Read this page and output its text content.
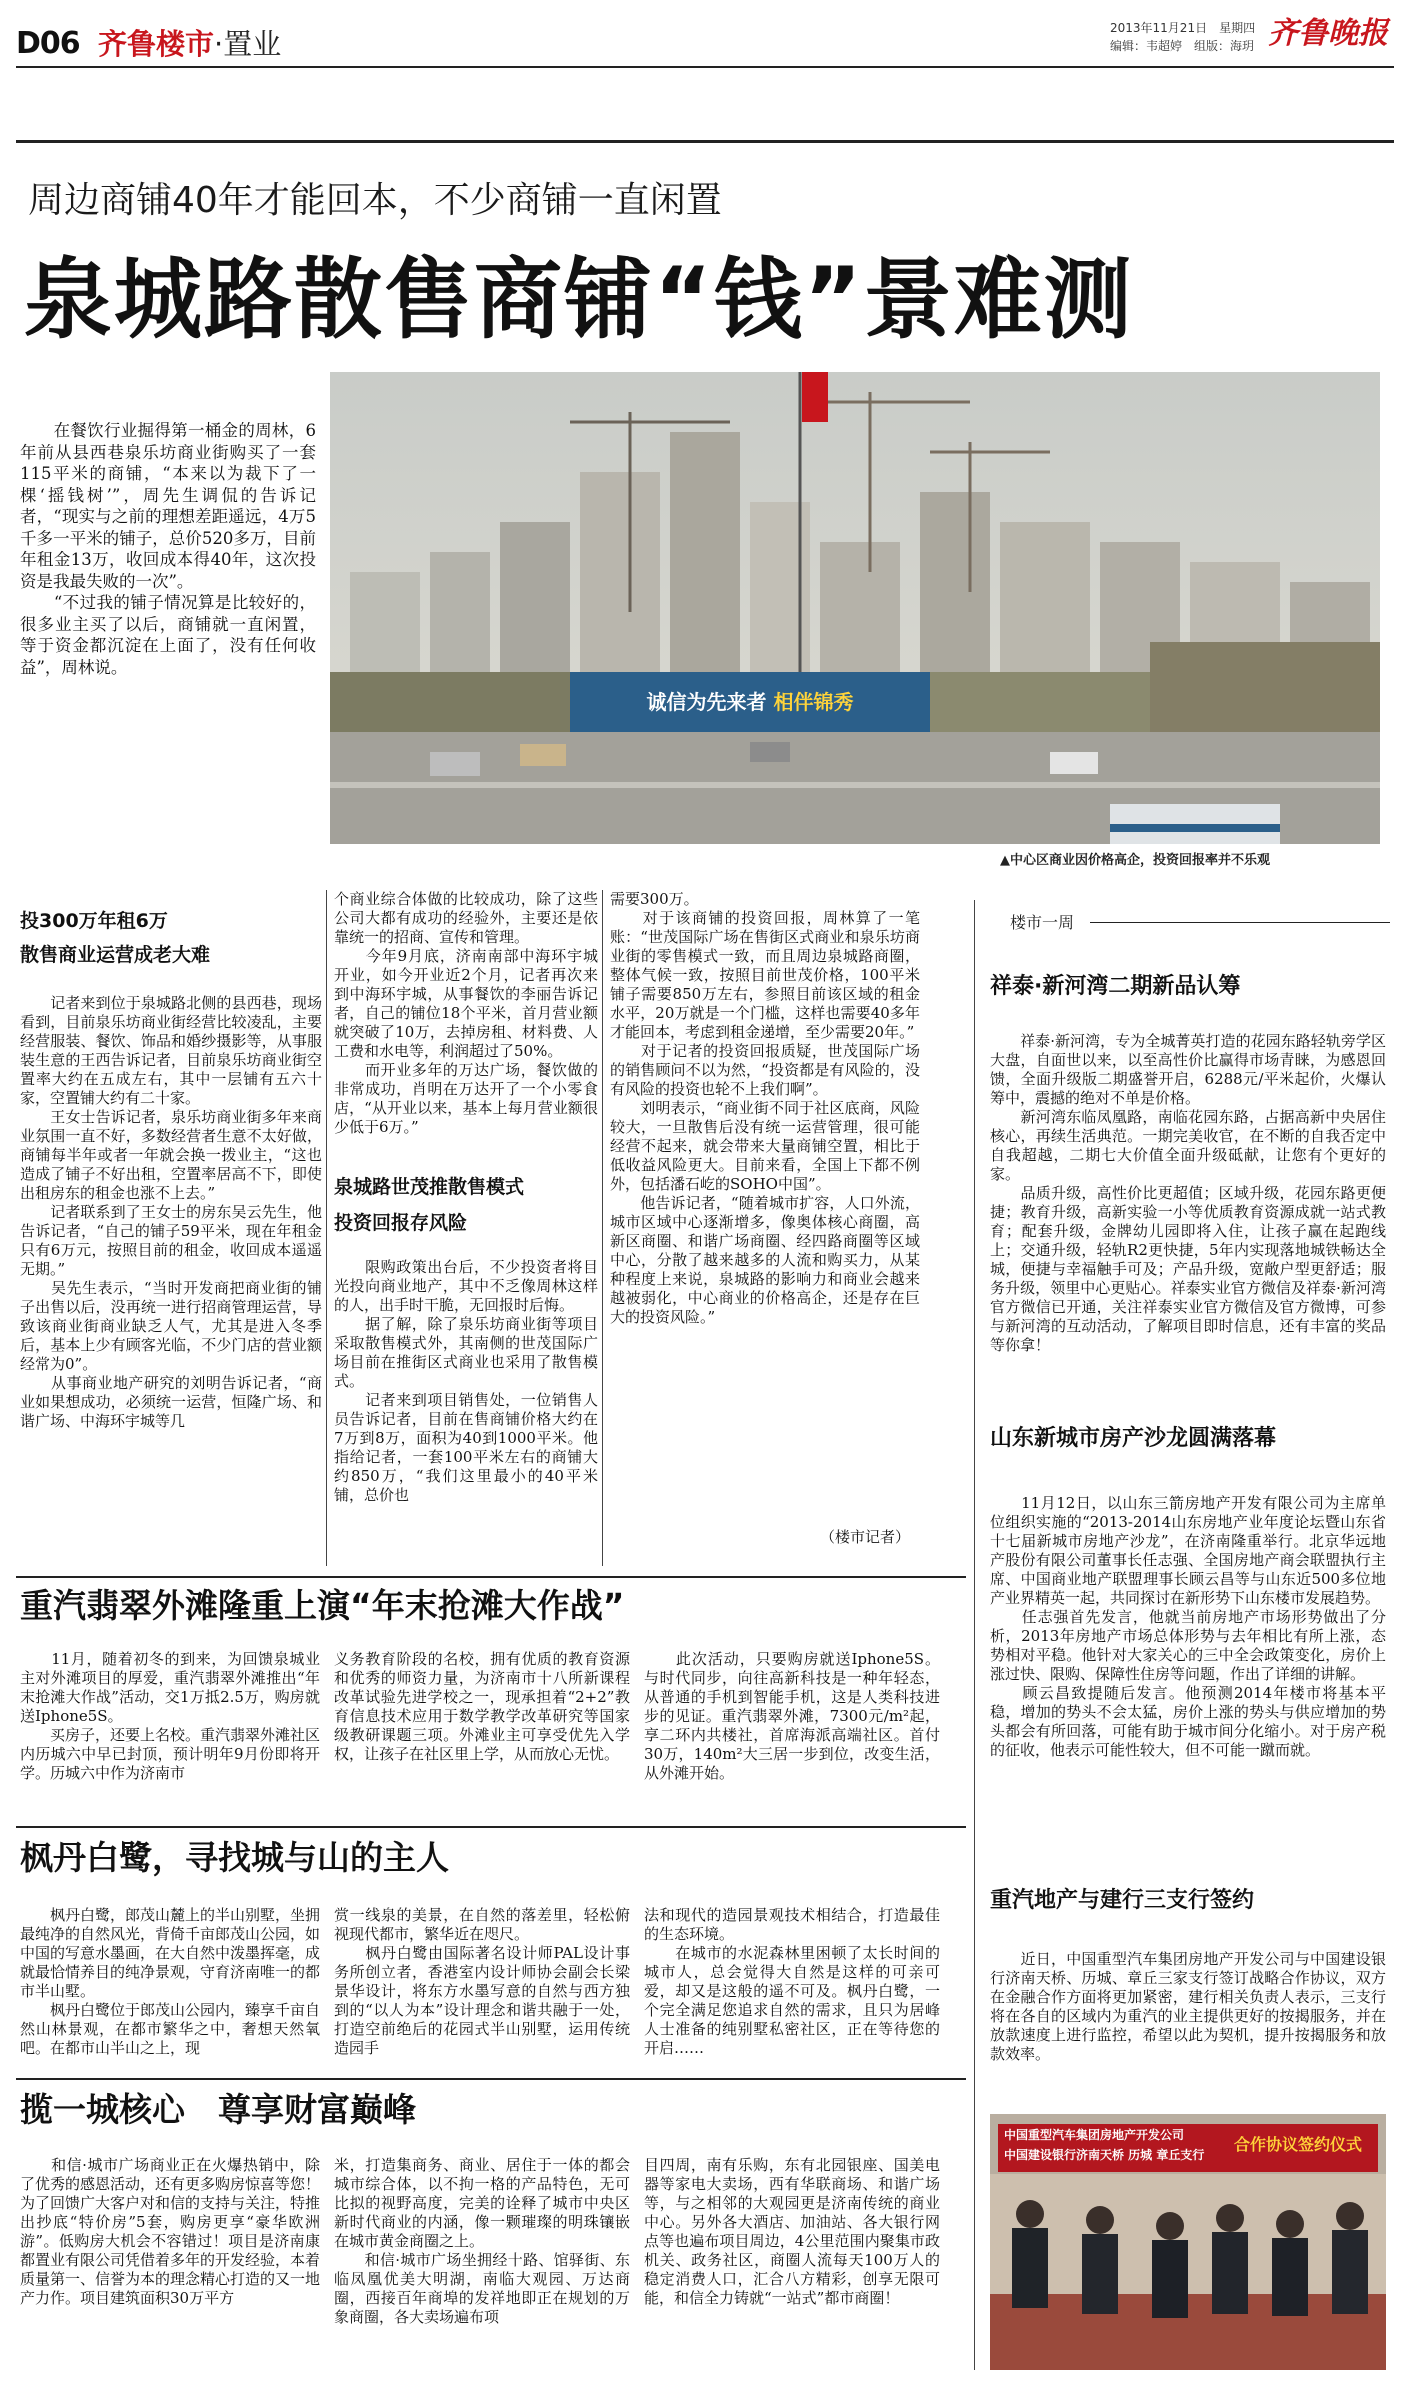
D06 齐鲁楼市·置业	2013年11月21日　星期四
编辑：韦超婷　组版：海玥 齐鲁晚报
周边商铺40年才能回本，不少商铺一直闲置
泉城路散售商铺“钱”景难测
　　在餐饮行业掘得第一桶金的周林，6年前从县西巷泉乐坊商业街购买了一套115平米的商铺，“本来以为裁下了一棵‘摇钱树’”，周先生调侃的告诉记者，“现实与之前的理想差距遥远，4万5千多一平米的铺子，总价520多万，目前年租金13万，收回成本得40年，这次投资是我最失败的一次”。
　　“不过我的铺子情况算是比较好的，很多业主买了以后，商铺就一直闲置，等于资金都沉淀在上面了，没有任何收益”，周林说。
诚信为先来者 相伴锦秀
▲中心区商业因价格高企，投资回报率并不乐观
投300万年租6万
散售商业运营成老大难
　　记者来到位于泉城路北侧的县西巷，现场看到，目前泉乐坊商业街经营比较凌乱，主要经营服装、餐饮、饰品和婚纱摄影等，从事服装生意的王西告诉记者，目前泉乐坊商业街空置率大约在五成左右，其中一层铺有五六十家，空置铺大约有二十家。
　　王女士告诉记者，泉乐坊商业街多年来商业氛围一直不好，多数经营者生意不太好做，商铺每半年或者一年就会换一拨业主，“这也造成了铺子不好出租，空置率居高不下，即使出租房东的租金也涨不上去。”
　　记者联系到了王女士的房东吴云先生，他告诉记者，“自己的铺子59平米，现在年租金只有6万元，按照目前的租金，收回成本遥遥无期。”
　　吴先生表示，“当时开发商把商业街的铺子出售以后，没再统一进行招商管理运营，导致该商业街商业缺乏人气，尤其是进入冬季后，基本上少有顾客光临，不少门店的营业额经常为0”。
　　从事商业地产研究的刘明告诉记者，“商业如果想成功，必须统一运营，恒隆广场、和谐广场、中海环宇城等几
个商业综合体做的比较成功，除了这些公司大都有成功的经验外，主要还是依靠统一的招商、宣传和管理。
　　今年9月底，济南南部中海环宇城开业，如今开业近2个月，记者再次来到中海环宇城，从事餐饮的李丽告诉记者，自己的铺位18个平米，首月营业额就突破了10万，去掉房租、材料费、人工费和水电等，利润超过了50%。
　　而开业多年的万达广场，餐饮做的非常成功，肖明在万达开了一个小零食店，“从开业以来，基本上每月营业额很少低于6万。”
泉城路世茂推散售模式
投资回报存风险
　　限购政策出台后，不少投资者将目光投向商业地产，其中不乏像周林这样的人，出手时干脆，无回报时后悔。
　　据了解，除了泉乐坊商业街等项目采取散售模式外，其南侧的世茂国际广场目前在推街区式商业也采用了散售模式。
　　记者来到项目销售处，一位销售人员告诉记者，目前在售商铺价格大约在7万到8万，面积为40到1000平米。他指给记者，一套100平米左右的商铺大约850万，“我们这里最小的40平米铺，总价也
需要300万。
　　对于该商铺的投资回报，周林算了一笔账：“世茂国际广场在售街区式商业和泉乐坊商业街的零售模式一致，而且周边泉城路商圈，整体气候一致，按照目前世茂价格，100平米铺子需要850万左右，参照目前该区域的租金水平，20万就是一个门槛，这样也需要40多年才能回本，考虑到租金递增，至少需要20年。”
　　对于记者的投资回报质疑，世茂国际广场的销售顾问不以为然，“投资都是有风险的，没有风险的投资也轮不上我们啊”。
　　刘明表示，“商业街不同于社区底商，风险较大，一旦散售后没有统一运营管理，很可能经营不起来，就会带来大量商铺空置，相比于低收益风险更大。目前来看，全国上下都不例外，包括潘石屹的SOHO中国”。
　　他告诉记者，“随着城市扩容，人口外流，城市区域中心逐渐增多，像奥体核心商圈，高新区商圈、和谐广场商圈、经四路商圈等区域中心，分散了越来越多的人流和购买力，从某种程度上来说，泉城路的影响力和商业会越来越被弱化，中心商业的价格高企，还是存在巨大的投资风险。”
（楼市记者）
楼市一周
祥泰·新河湾二期新品认筹
　　祥泰·新河湾，专为全城菁英打造的花园东路轻轨旁学区大盘，自面世以来，以至高性价比赢得市场青睐，为感恩回馈，全面升级版二期盛誉开启，6288元/平米起价，火爆认筹中，震撼的绝对不单是价格。
　　新河湾东临凤凰路，南临花园东路，占据高新中央居住核心，再续生活典范。一期完美收官，在不断的自我否定中自我超越，二期七大价值全面升级砥献，让您有个更好的家。
　　品质升级，高性价比更超值；区域升级，花园东路更便捷；教育升级，高新实验一小等优质教育资源成就一站式教育；配套升级，金牌幼儿园即将入住，让孩子赢在起跑线上；交通升级，轻轨R2更快捷，5年内实现落地城铁畅达全城，便捷与幸福触手可及；产品升级，宽敞户型更舒适；服务升级，领里中心更贴心。祥泰实业官方微信及祥泰·新河湾官方微信已开通，关注祥泰实业官方微信及官方微博，可参与新河湾的互动活动，了解项目即时信息，还有丰富的奖品等你拿！
山东新城市房产沙龙圆满落幕
　　11月12日，以山东三箭房地产开发有限公司为主席单位组织实施的“2013-2014山东房地产业年度论坛暨山东省十七届新城市房地产沙龙”，在济南隆重举行。北京华远地产股份有限公司董事长任志强、全国房地产商会联盟执行主席、中国商业地产联盟理事长顾云昌等与山东近500多位地产业界精英一起，共同探讨在新形势下山东楼市发展趋势。
　　任志强首先发言，他就当前房地产市场形势做出了分析，2013年房地产市场总体形势与去年相比有所上涨，态势相对平稳。他针对大家关心的三中全会政策变化，房价上涨过快、限购、保障性住房等问题，作出了详细的讲解。
　　顾云昌致提随后发言。他预测2014年楼市将基本平稳，增加的势头不会太猛，房价上涨的势头与供应增加的势头都会有所回落，可能有助于城市间分化缩小。对于房产税的征收，他表示可能性较大，但不可能一蹴而就。
重汽地产与建行三支行签约
　　近日，中国重型汽车集团房地产开发公司与中国建设银行济南天桥、历城、章丘三家支行签订战略合作协议，双方在金融合作方面将更加紧密，建行相关负责人表示，三支行将在各自的区域内为重汽的业主提供更好的按揭服务，并在放款速度上进行监控，希望以此为契机，提升按揭服务和放款效率。
中国重型汽车集团房地产开发公司
中国建设银行济南天桥 历城 章丘支行
合作协议签约仪式
重汽翡翠外滩隆重上演“年末抢滩大作战”
　　11月，随着初冬的到来，为回馈泉城业主对外滩项目的厚爱，重汽翡翠外滩推出“年末抢滩大作战”活动，交1万抵2.5万，购房就送Iphone5S。
　　买房子，还要上名校。重汽翡翠外滩社区内历城六中早已封顶，预计明年9月份即将开学。历城六中作为济南市
义务教育阶段的名校，拥有优质的教育资源和优秀的师资力量，为济南市十八所新课程改革试验先进学校之一，现承担着“2+2”教育信息技术应用于数学教学改革研究等国家级教研课题三项。外滩业主可享受优先入学权，让孩子在社区里上学，从而放心无忧。
　　此次活动，只要购房就送Iphone5S。与时代同步，向往高新科技是一种年轻态，从普通的手机到智能手机，这是人类科技进步的见证。重汽翡翠外滩，7300元/m²起，享二环内共楼社，首席海派高端社区。首付30万，140m²大三居一步到位，改变生活，从外滩开始。
枫丹白鹭，寻找城与山的主人
　　枫丹白鹭，郎茂山麓上的半山别墅，坐拥最纯净的自然风光，背倚千亩郎茂山公园，如中国的写意水墨画，在大自然中泼墨挥毫，成就最恰情养目的纯净景观，守育济南唯一的都市半山墅。
　　枫丹白鹭位于郎茂山公园内，臻享千亩自然山林景观，在都市繁华之中，奢想天然氧吧。在都市山半山之上，现
赏一线泉的美景，在自然的落差里，轻松俯视现代都市，繁华近在咫尺。
　　枫丹白鹭由国际著名设计师PAL设计事务所创立者，香港室内设计师协会副会长梁景华设计，将东方水墨写意的自然与西方独到的“以人为本”设计理念和谐共融于一处，打造空前绝后的花园式半山别墅，运用传统造园手
法和现代的造园景观技术相结合，打造最佳的生态环境。
　　在城市的水泥森林里困顿了太长时间的城市人，总会觉得大自然是这样的可亲可爱，却又是这般的遥不可及。枫丹白鹭，一个完全满足您追求自然的需求，且只为居峰人士准备的纯别墅私密社区，正在等待您的开启……
揽一城核心　尊享财富巅峰
　　和信·城市广场商业正在火爆热销中，除了优秀的感恩活动，还有更多购房惊喜等您！为了回馈广大客户对和信的支持与关注，特推出抄底“特价房”5套，购房更享“豪华欧洲游”。低购房大机会不容错过！项目是济南康都置业有限公司凭借着多年的开发经验，本着质量第一、信誉为本的理念精心打造的又一地产力作。项目建筑面积30万平方
米，打造集商务、商业、居住于一体的都会城市综合体，以不拘一格的产品特色，无可比拟的视野高度，完美的诠释了城市中央区新时代商业的内涵，像一颗璀璨的明珠镶嵌在城市黄金商圈之上。
　　和信·城市广场坐拥经十路、馆驿街、东临凤凰优美大明湖，南临大观园、万达商圈，西接百年商埠的发祥地即正在规划的万象商圈，各大卖场遍布项
目四周，南有乐购，东有北园银座、国美电器等家电大卖场，西有华联商场、和谐广场等，与之相邻的大观园更是济南传统的商业中心。另外各大酒店、加油站、各大银行网点等也遍布项目周边，4公里范围内聚集市政机关、政务社区，商圈人流每天100万人的稳定消费人口，汇合八方精彩，创享无限可能，和信全力铸就“一站式”都市商圈！
